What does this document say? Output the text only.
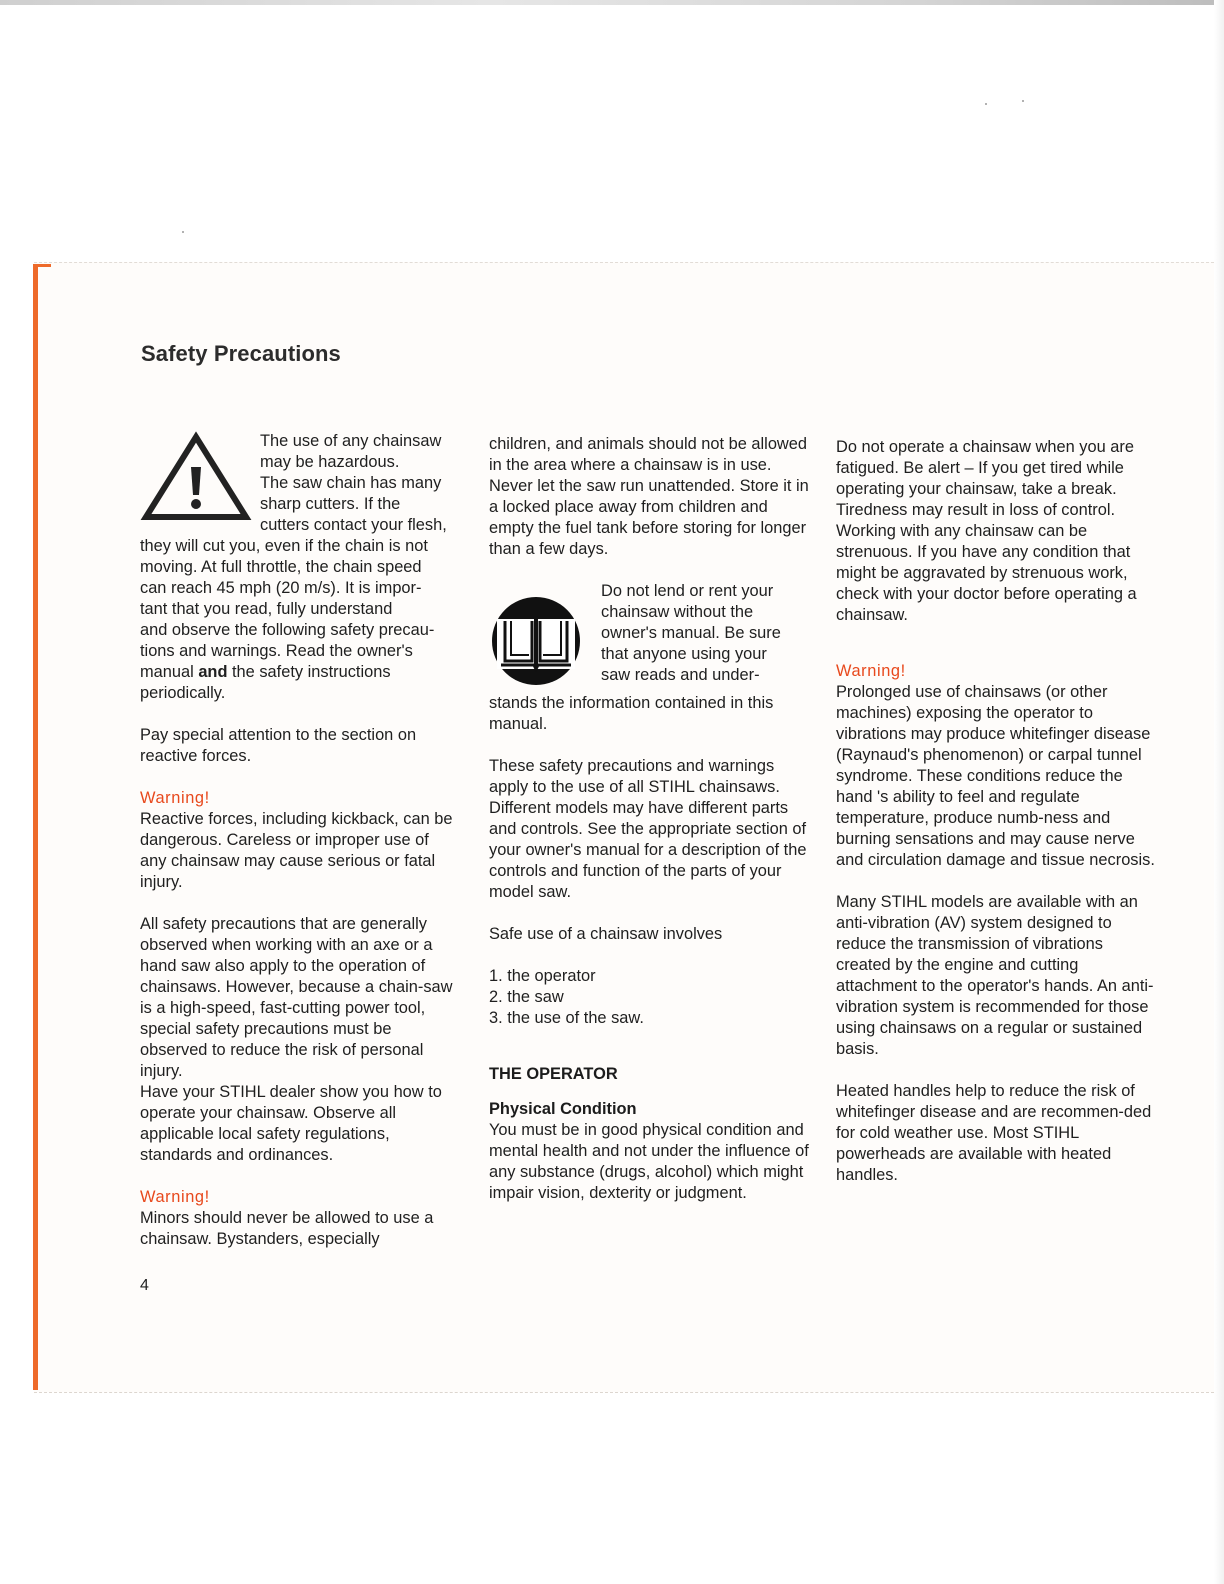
Safety Precautions

The use of any chainsaw
may be hazardous.
The saw chain has many
sharp cutters. If the
cutters contact your flesh,
they will cut you, even if the chain is not
moving. At full throttle, the chain speed
can reach 45 mph (20 m/s). It is impor-
tant that you read, fully understand
and observe the following safety precau-
tions and warnings. Read the owner's
manual and the safety instructions
periodically.

Pay special attention to the section on reactive forces.

Warning!

Reactive forces, including kickback, can be dangerous. Careless or improper use of any chainsaw may cause serious or fatal injury.

All safety precautions that are generally observed when working with an axe or a hand saw also apply to the operation of chainsaws. However, because a chain-saw is a high-speed, fast-cutting power tool, special safety precautions must be observed to reduce the risk of personal injury.

Have your STIHL dealer show you how to operate your chainsaw. Observe all applicable local safety regulations, standards and ordinances.

Warning!

Minors should never be allowed to use a chainsaw. Bystanders, especially

children, and animals should not be allowed in the area where a chainsaw is in use. Never let the saw run unattended. Store it in a locked place away from children and empty the fuel tank before storing for longer than a few days.

Do not lend or rent your
chainsaw without the
owner's manual. Be sure
that anyone using your
saw reads and under-
stands the information contained in this
manual.

These safety precautions and warnings apply to the use of all STIHL chainsaws. Different models may have different parts and controls. See the appropriate section of your owner's manual for a description of the controls and function of the parts of your model saw.

Safe use of a chainsaw involves

1. the operator
2. the saw
3. the use of the saw.

THE OPERATOR
Physical Condition

You must be in good physical condition and mental health and not under the influence of any substance (drugs, alcohol) which might impair vision, dexterity or judgment.

Do not operate a chainsaw when you are fatigued. Be alert – If you get tired while operating your chainsaw, take a break. Tiredness may result in loss of control. Working with any chainsaw can be strenuous. If you have any condition that might be aggravated by strenuous work, check with your doctor before operating a chainsaw.

Warning!

Prolonged use of chainsaws (or other machines) exposing the operator to vibrations may produce whitefinger disease (Raynaud's phenomenon) or carpal tunnel syndrome. These conditions reduce the hand 's ability to feel and regulate temperature, produce numb-ness and burning sensations and may cause nerve and circulation damage and tissue necrosis.

Many STIHL models are available with an anti-vibration (AV) system designed to reduce the transmission of vibrations created by the engine and cutting attachment to the operator's hands. An anti-vibration system is recommended for those using chainsaws on a regular or sustained basis.

Heated handles help to reduce the risk of whitefinger disease and are recommen-ded for cold weather use. Most STIHL powerheads are available with heated handles.

4
